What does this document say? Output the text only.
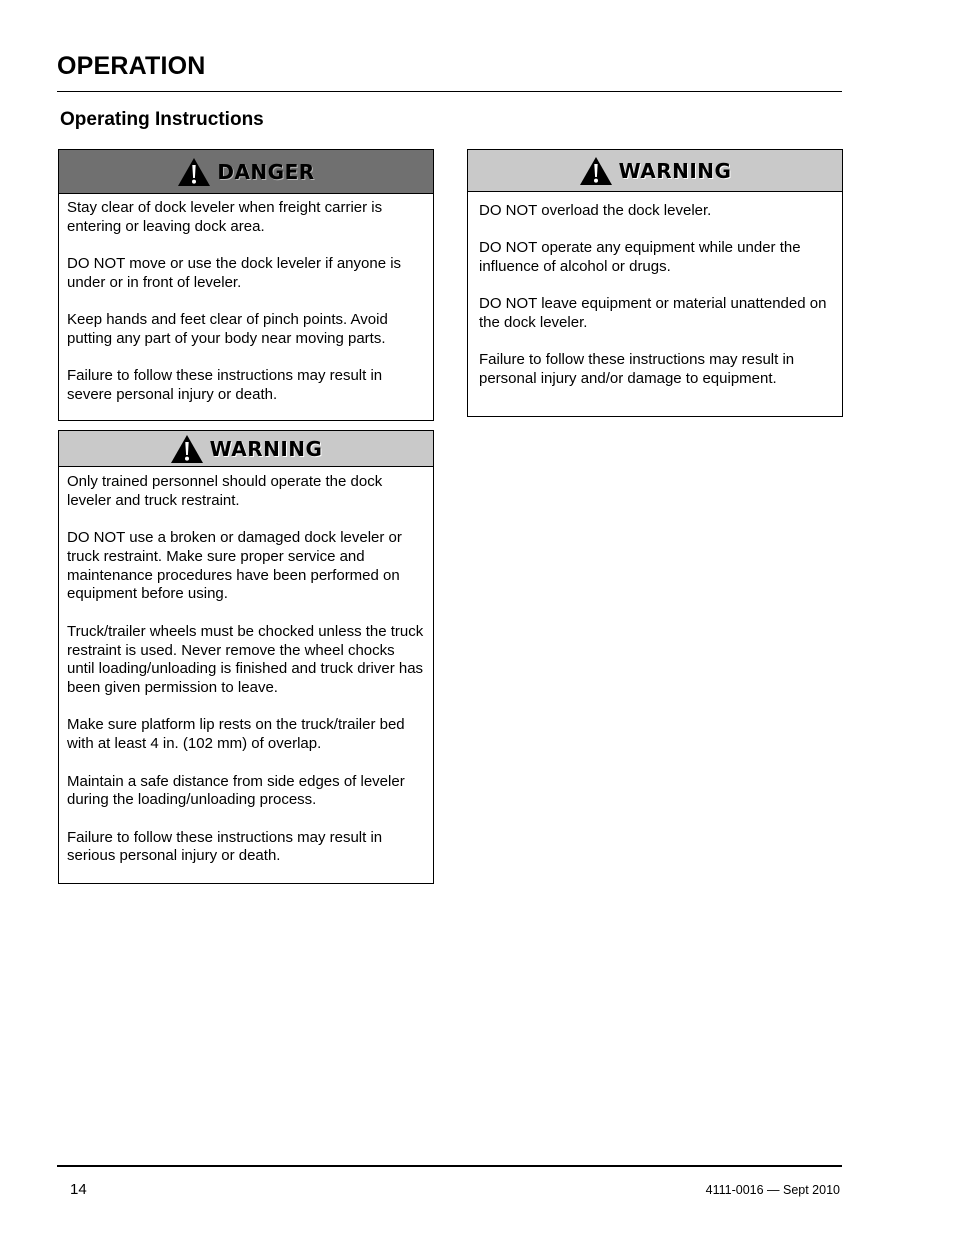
OPERATION
Operating Instructions
DANGER

Stay clear of dock leveler when freight carrier is entering or leaving dock area.

DO NOT move or use the dock leveler if anyone is under or in front of leveler.

Keep hands and feet clear of pinch points. Avoid putting any part of your body near moving parts.

Failure to follow these instructions may result in severe personal injury or death.

WARNING

Only trained personnel should operate the dock leveler and truck restraint.

DO NOT use a broken or damaged dock leveler or truck restraint. Make sure proper service and maintenance procedures have been performed on equipment before using.

Truck/trailer wheels must be chocked unless the truck restraint is used. Never remove the wheel chocks until loading/unloading is finished and truck driver has been given permission to leave.

Make sure platform lip rests on the truck/trailer bed with at least 4 in. (102 mm) of overlap.

Maintain a safe distance from side edges of leveler during the loading/unloading process.

Failure to follow these instructions may result in serious personal injury or death.

WARNING

DO NOT overload the dock leveler.

DO NOT operate any equipment while under the influence of alcohol or drugs.

DO NOT leave equipment or material unattended on the dock leveler.

Failure to follow these instructions may result in personal injury and/or damage to equipment.

14	4111-0016 — Sept 2010
